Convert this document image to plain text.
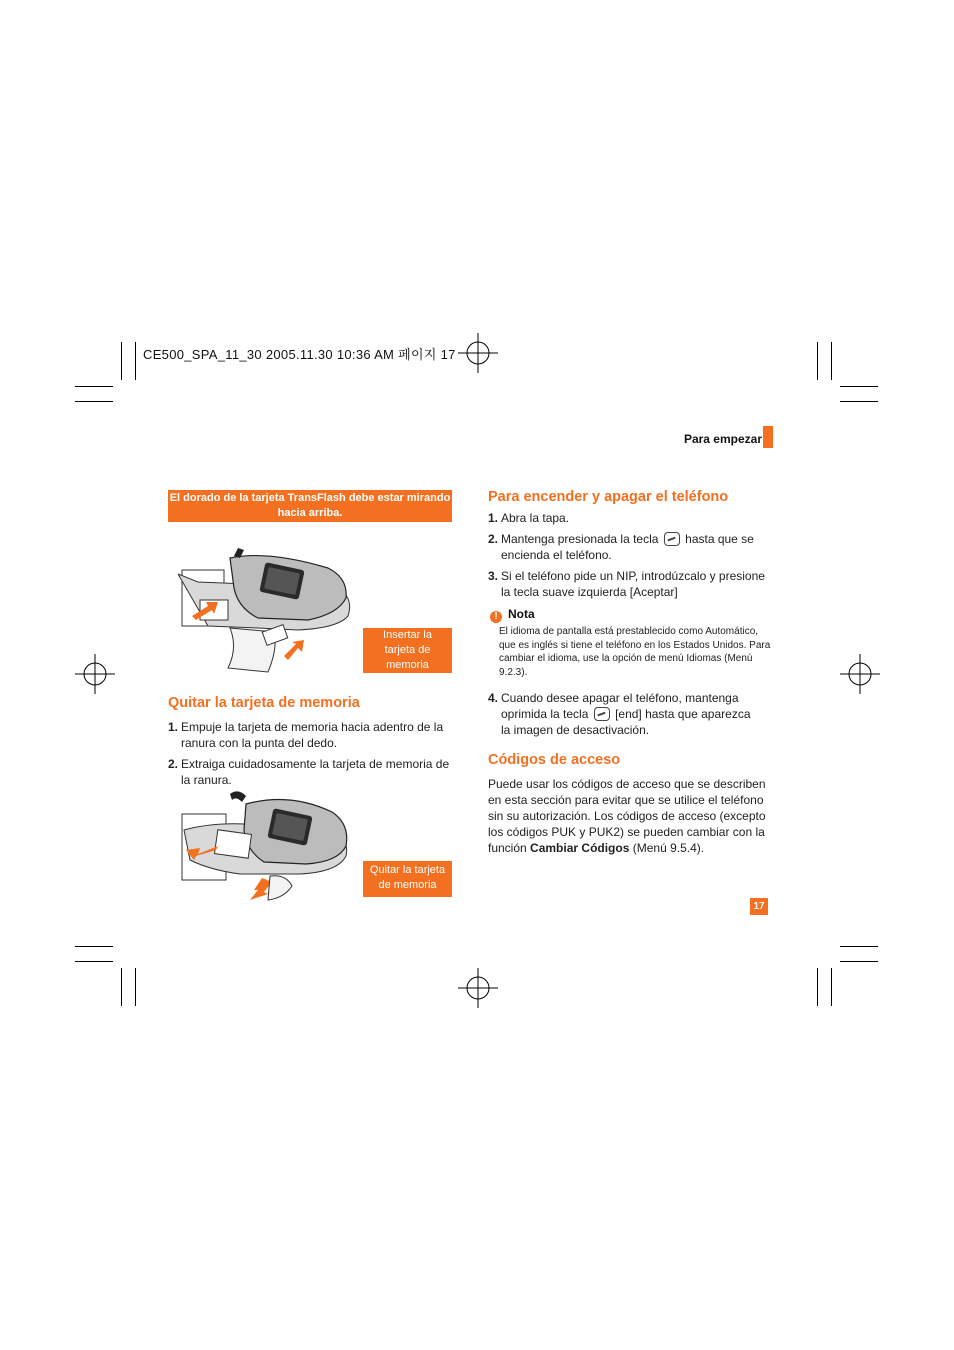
CE500_SPA_11_30 2005.11.30 10:36 AM 페이지 17
Para empezar
El dorado de la tarjeta TransFlash debe estar mirando
hacia arriba.
Insertar la
tarjeta de
memoria
Quitar la tarjeta de memoria
1. Empuje la tarjeta de memoria hacia adentro de la ranura con la punta del dedo.
2. Extraiga cuidadosamente la tarjeta de memoria de la ranura.
Quitar la tarjeta
de memoria
Para encender y apagar el teléfono
1. Abra la tapa.
2. Mantenga presionada la tecla hasta que se encienda el teléfono.
3. Si el teléfono pide un NIP, introdúzcalo y presione la tecla suave izquierda [Aceptar]
! Nota
El idioma de pantalla está prestablecido como Automático, que es inglés si tiene el teléfono en los Estados Unidos. Para cambiar el idioma, use la opción de menú Idiomas (Menú 9.2.3).
4. Cuando desee apagar el teléfono, mantenga oprimida la tecla [end] hasta que aparezca la imagen de desactivación.
Códigos de acceso
Puede usar los códigos de acceso que se describen en esta sección para evitar que se utilice el teléfono sin su autorización. Los códigos de acceso (excepto los códigos PUK y PUK2) se pueden cambiar con la función Cambiar Códigos (Menú 9.5.4).
17
